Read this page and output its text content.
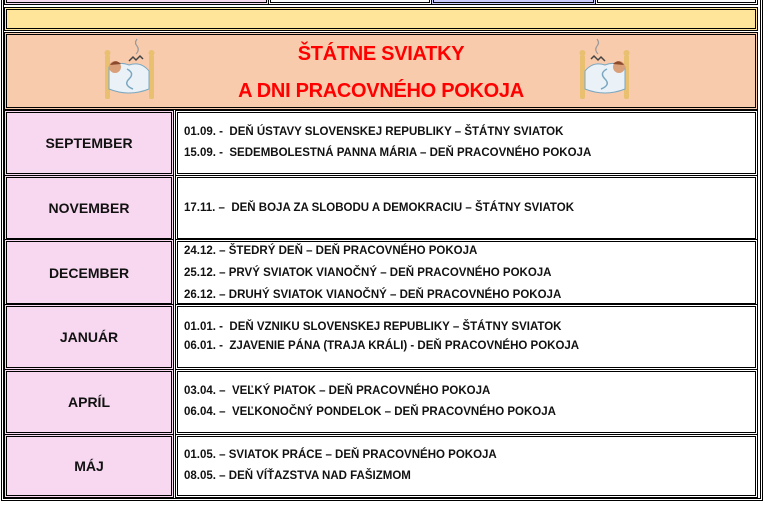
ŠTÁTNE SVIATKY
A DNI PRACOVNÉHO POKOJA
SEPTEMBER
01.09. -  DEŇ ÚSTAVY SLOVENSKEJ REPUBLIKY – ŠTÁTNY SVIATOK
15.09. -  SEDEMBOLESTNÁ PANNA MÁRIA – DEŇ PRACOVNÉHO POKOJA
NOVEMBER	17.11. –  DEŇ BOJA ZA SLOBODU A DEMOKRACIU – ŠTÁTNY SVIATOK
DECEMBER
24.12. – ŠTEDRÝ DEŇ – DEŇ PRACOVNÉHO POKOJA
25.12. – PRVÝ SVIATOK VIANOČNÝ – DEŇ PRACOVNÉHO POKOJA
26.12. – DRUHÝ SVIATOK VIANOČNÝ – DEŇ PRACOVNÉHO POKOJA
JANUÁR
01.01. -  DEŇ VZNIKU SLOVENSKEJ REPUBLIKY – ŠTÁTNY SVIATOK
06.01. -  ZJAVENIE PÁNA (TRAJA KRÁLI) - DEŇ PRACOVNÉHO POKOJA
APRÍL
03.04. –  VEĽKÝ PIATOK – DEŇ PRACOVNÉHO POKOJA
06.04. –  VEĽKONOČNÝ PONDELOK – DEŇ PRACOVNÉHO POKOJA
MÁJ
01.05. – SVIATOK PRÁCE – DEŇ PRACOVNÉHO POKOJA
08.05. – DEŇ VÍŤAZSTVA NAD FAŠIZMOM
